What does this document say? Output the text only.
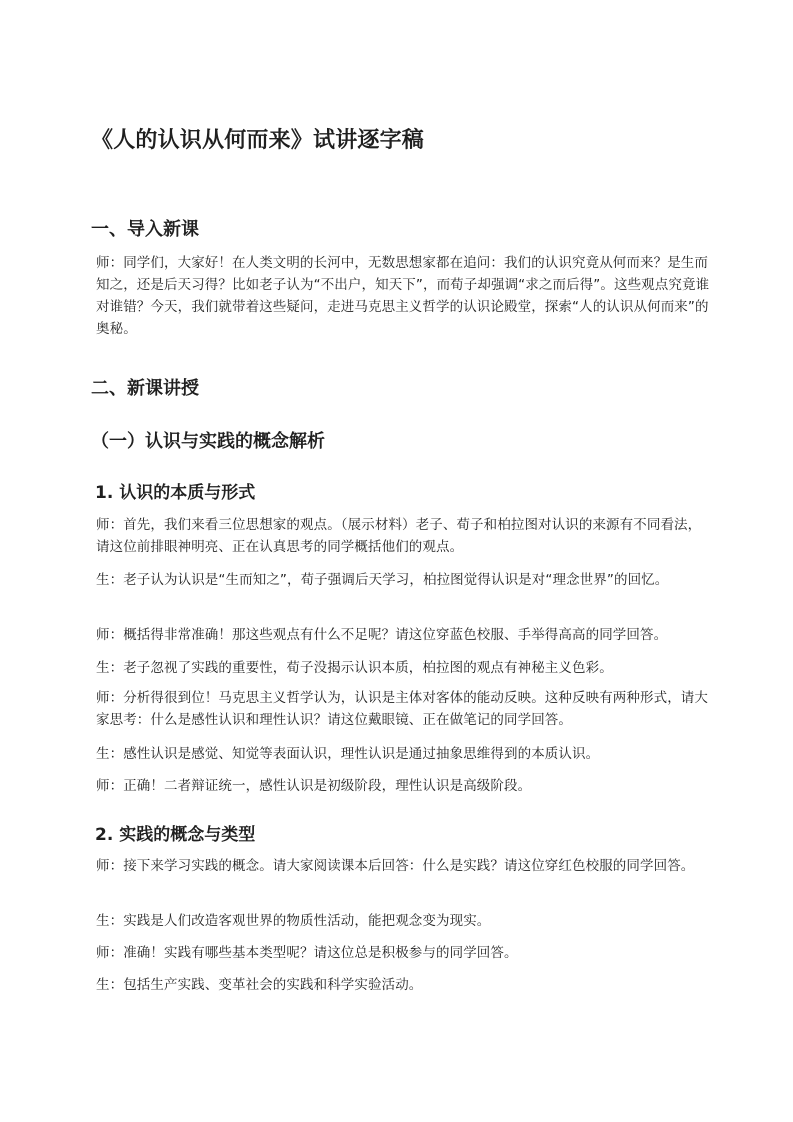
《人的认识从何而来》试讲逐字稿
一、导入新课

师：同学们，大家好！在人类文明的长河中，无数思想家都在追问：我们的认识究竟从何而来？是生而知之，还是后天习得？比如老子认为“不出户，知天下”，而荀子却强调“求之而后得”。这些观点究竟谁对谁错？今天，我们就带着这些疑问，走进马克思主义哲学的认识论殿堂，探索“人的认识从何而来”的奥秘。

二、新课讲授
（一）认识与实践的概念解析
1. 认识的本质与形式

师：首先，我们来看三位思想家的观点。（展示材料）老子、荀子和柏拉图对认识的来源有不同看法，请这位前排眼神明亮、正在认真思考的同学概括他们的观点。

生：老子认为认识是“生而知之”，荀子强调后天学习，柏拉图觉得认识是对“理念世界”的回忆。

师：概括得非常准确！那这些观点有什么不足呢？请这位穿蓝色校服、手举得高高的同学回答。

生：老子忽视了实践的重要性，荀子没揭示认识本质，柏拉图的观点有神秘主义色彩。

师：分析得很到位！马克思主义哲学认为，认识是主体对客体的能动反映。这种反映有两种形式，请大家思考：什么是感性认识和理性认识？请这位戴眼镜、正在做笔记的同学回答。

生：感性认识是感觉、知觉等表面认识，理性认识是通过抽象思维得到的本质认识。

师：正确！二者辩证统一，感性认识是初级阶段，理性认识是高级阶段。

2. 实践的概念与类型

师：接下来学习实践的概念。请大家阅读课本后回答：什么是实践？请这位穿红色校服的同学回答。

生：实践是人们改造客观世界的物质性活动，能把观念变为现实。

师：准确！实践有哪些基本类型呢？请这位总是积极参与的同学回答。

生：包括生产实践、变革社会的实践和科学实验活动。
